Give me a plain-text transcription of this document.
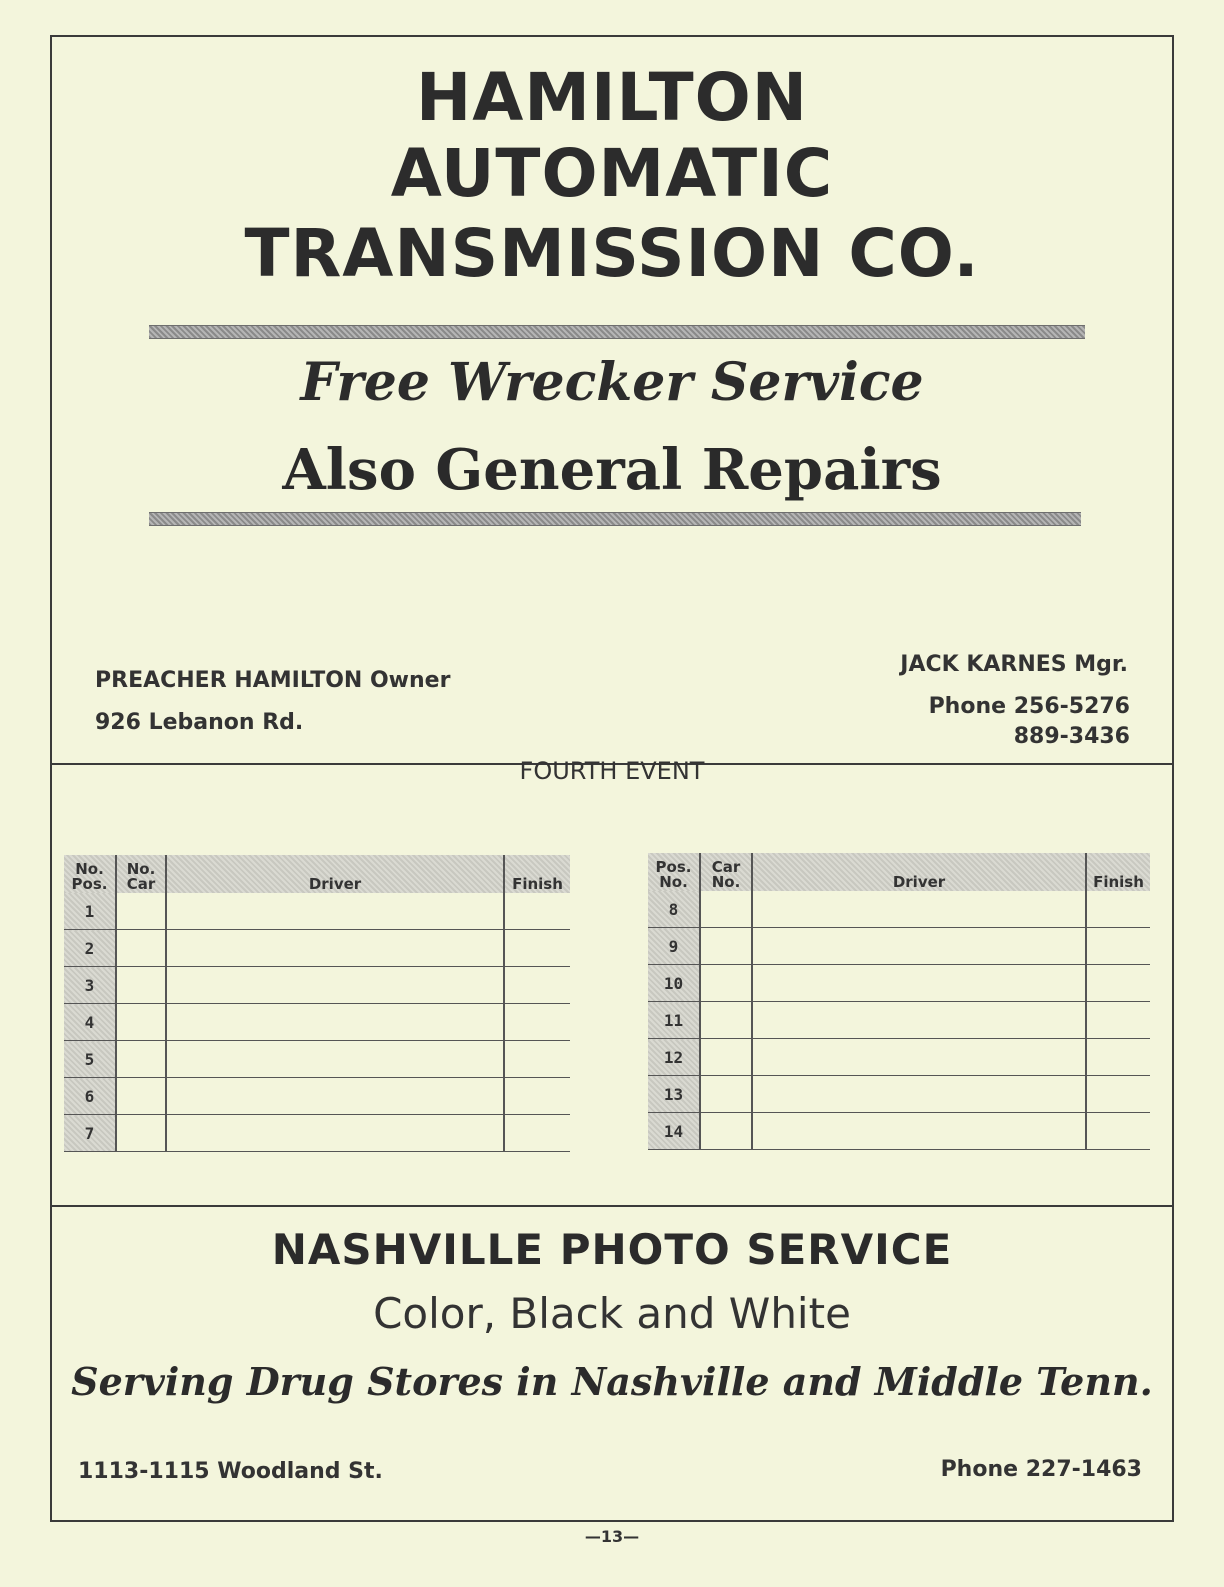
HAMILTON
AUTOMATIC
TRANSMISSION CO.
Free Wrecker Service
Also General Repairs
PREACHER HAMILTON Owner
926 Lebanon Rd.
JACK KARNES Mgr.
Phone 256-5276
889-3436
NASHVILLE PHOTO SERVICE
Color, Black and White
Serving Drug Stores in Nashville and Middle Tenn.
1113-1115 Woodland St.	Phone 227-1463
FOURTH EVENT
No. Pos.	No. Car	Driver	Finish
1			
2			
3			
4			
5			
6			
7			
Pos. No.	Car No.	Driver	Finish
8			
9			
10			
11			
12			
13			
14			
—13—
